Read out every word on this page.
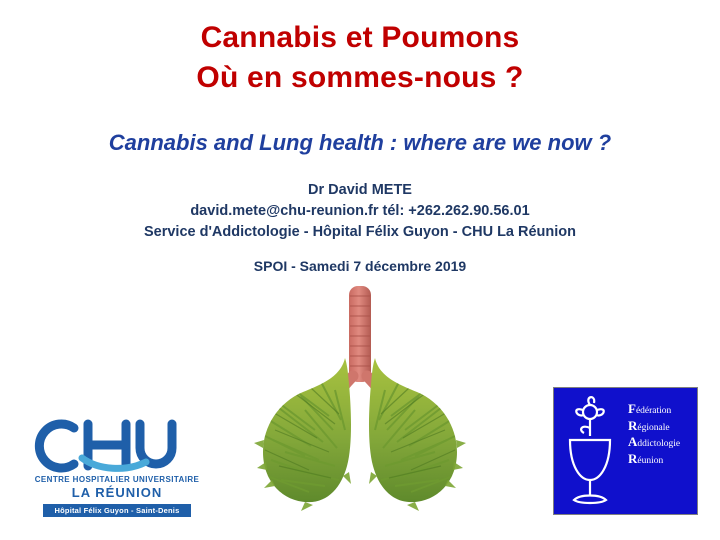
Cannabis et Poumons
Où en sommes-nous ?
Cannabis and Lung health : where are we now ?
Dr David METE
david.mete@chu-reunion.fr tél: +262.262.90.56.01
Service d'Addictologie - Hôpital Félix Guyon - CHU La Réunion
SPOI - Samedi 7 décembre 2019
CENTRE HOSPITALIER UNIVERSITAIRE
LA RÉUNION
Hôpital Félix Guyon - Saint-Denis
Fédération
Régionale
Addictologie
Réunion
